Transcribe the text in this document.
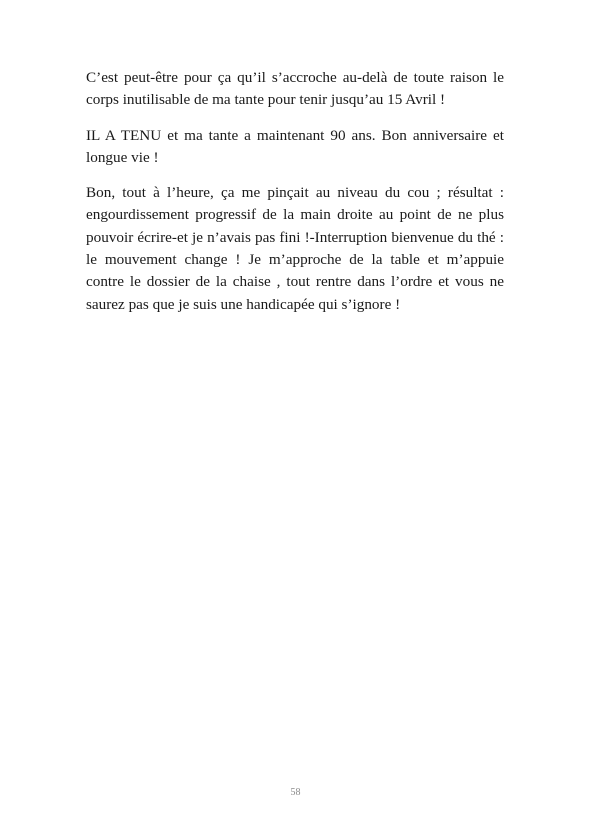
C’est peut-être pour ça qu’il s’accroche au-delà de toute raison le corps inutilisable de ma tante pour tenir jusqu’au 15 Avril !

IL A TENU et ma tante a maintenant 90 ans. Bon anniversaire et longue vie !

Bon, tout à l’heure, ça me pinçait au niveau du cou ; résultat : engourdissement progressif de la main droite au point de ne plus pouvoir écrire-et je n’avais pas fini !-Interruption bienvenue du thé : le mouvement change ! Je m’approche de la table et m’appuie contre le dossier de la chaise , tout rentre dans l’ordre et vous ne saurez pas que je suis une handicapée qui s’ignore !

58
